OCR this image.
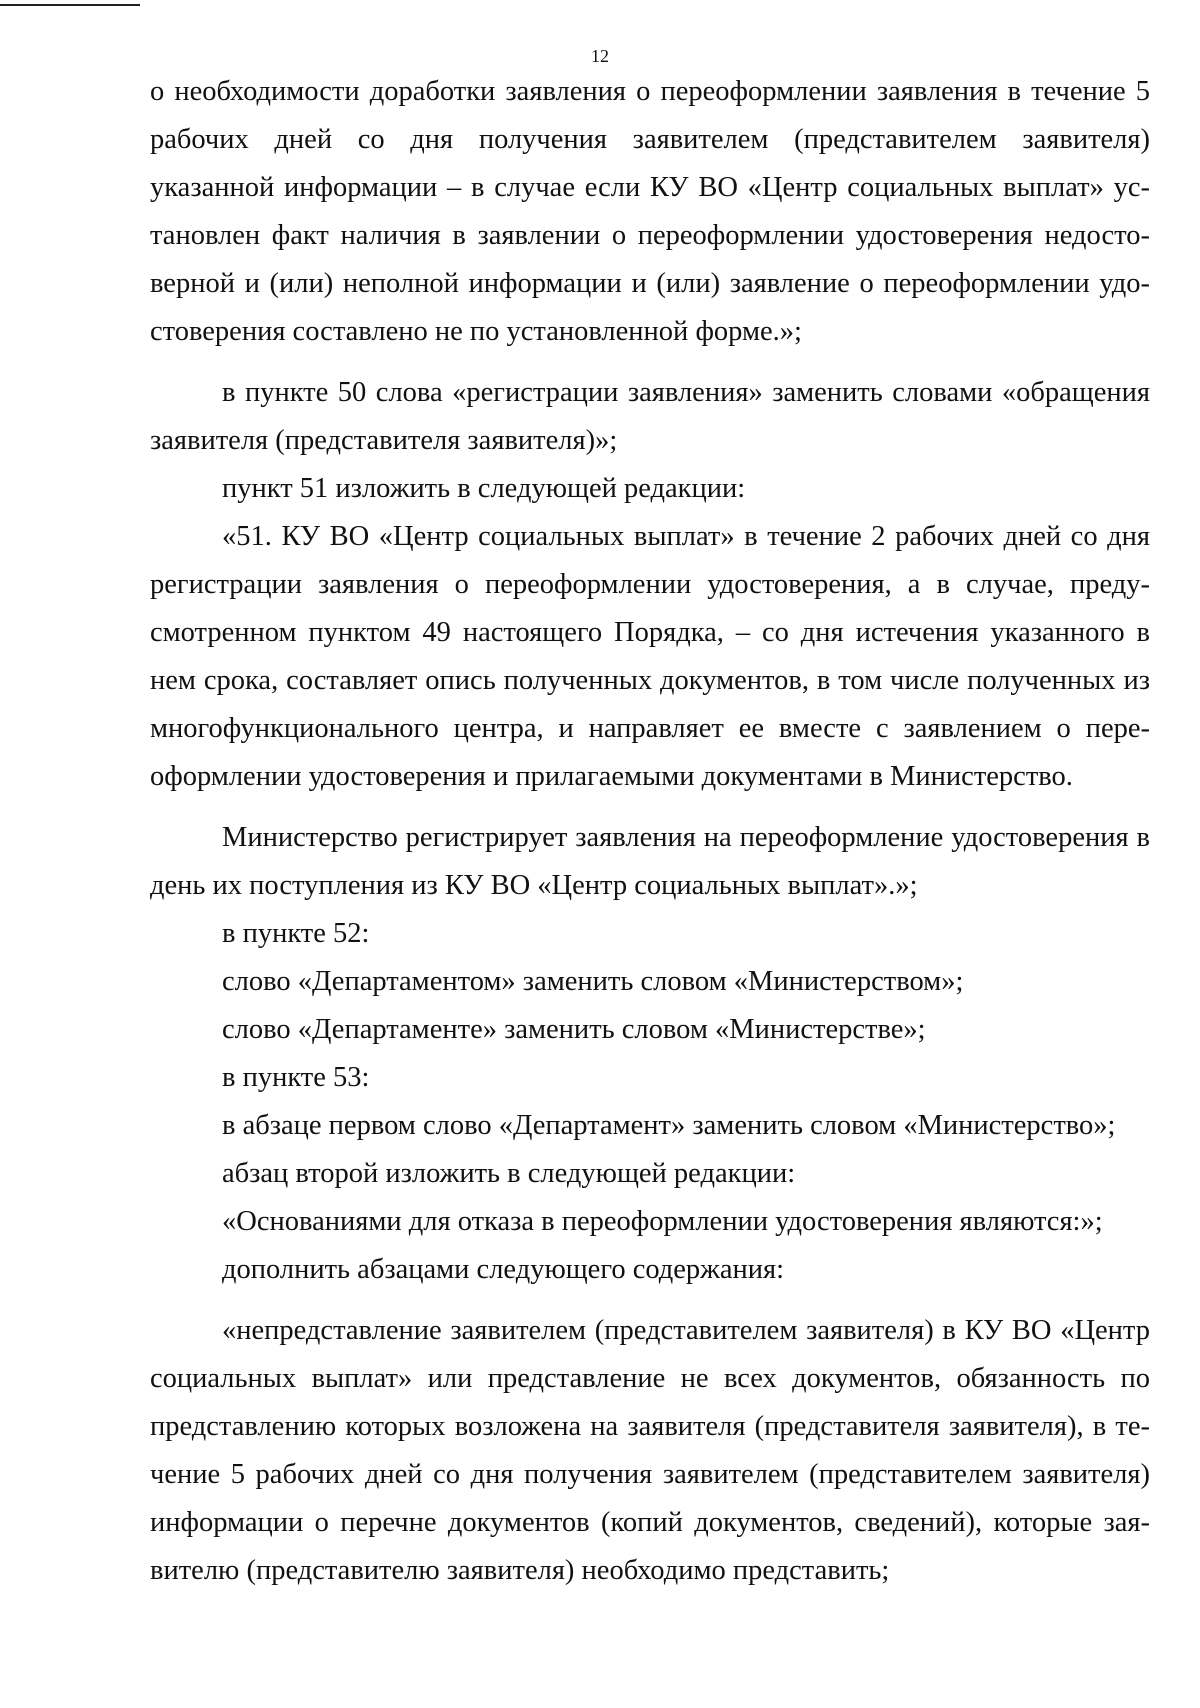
12

о необходимости доработки заявления о переоформлении заявления в течение 5 рабочих дней со дня получения заявителем (представителем заявителя) указанной информации – в случае если КУ ВО «Центр социальных выплат» установлен факт наличия в заявлении о переоформлении удостоверения недостоверной и (или) неполной информации и (или) заявление о переоформлении удостоверения составлено не по установленной форме.»;

в пункте 50 слова «регистрации заявления» заменить словами «обращения заявителя (представителя заявителя)»;

пункт 51 изложить в следующей редакции:

«51. КУ ВО «Центр социальных выплат» в течение 2 рабочих дней со дня регистрации заявления о переоформлении удостоверения, а в случае, предусмотренном пунктом 49 настоящего Порядка, – со дня истечения указанного в нем срока, составляет опись полученных документов, в том числе полученных из многофункционального центра, и направляет ее вместе с заявлением о переоформлении удостоверения и прилагаемыми документами в Министерство.

Министерство регистрирует заявления на переоформление удостоверения в день их поступления из КУ ВО «Центр социальных выплат».»;

в пункте 52:

слово «Департаментом» заменить словом «Министерством»;

слово «Департаменте» заменить словом «Министерстве»;

в пункте 53:

в абзаце первом слово «Департамент» заменить словом «Министерство»;

абзац второй изложить в следующей редакции:

«Основаниями для отказа в переоформлении удостоверения являются:»;

дополнить абзацами следующего содержания:

«непредставление заявителем (представителем заявителя) в КУ ВО «Центр социальных выплат» или представление не всех документов, обязанность по представлению которых возложена на заявителя (представителя заявителя), в течение 5 рабочих дней со дня получения заявителем (представителем заявителя) информации о перечне документов (копий документов, сведений), которые заявителю (представителю заявителя) необходимо представить;
